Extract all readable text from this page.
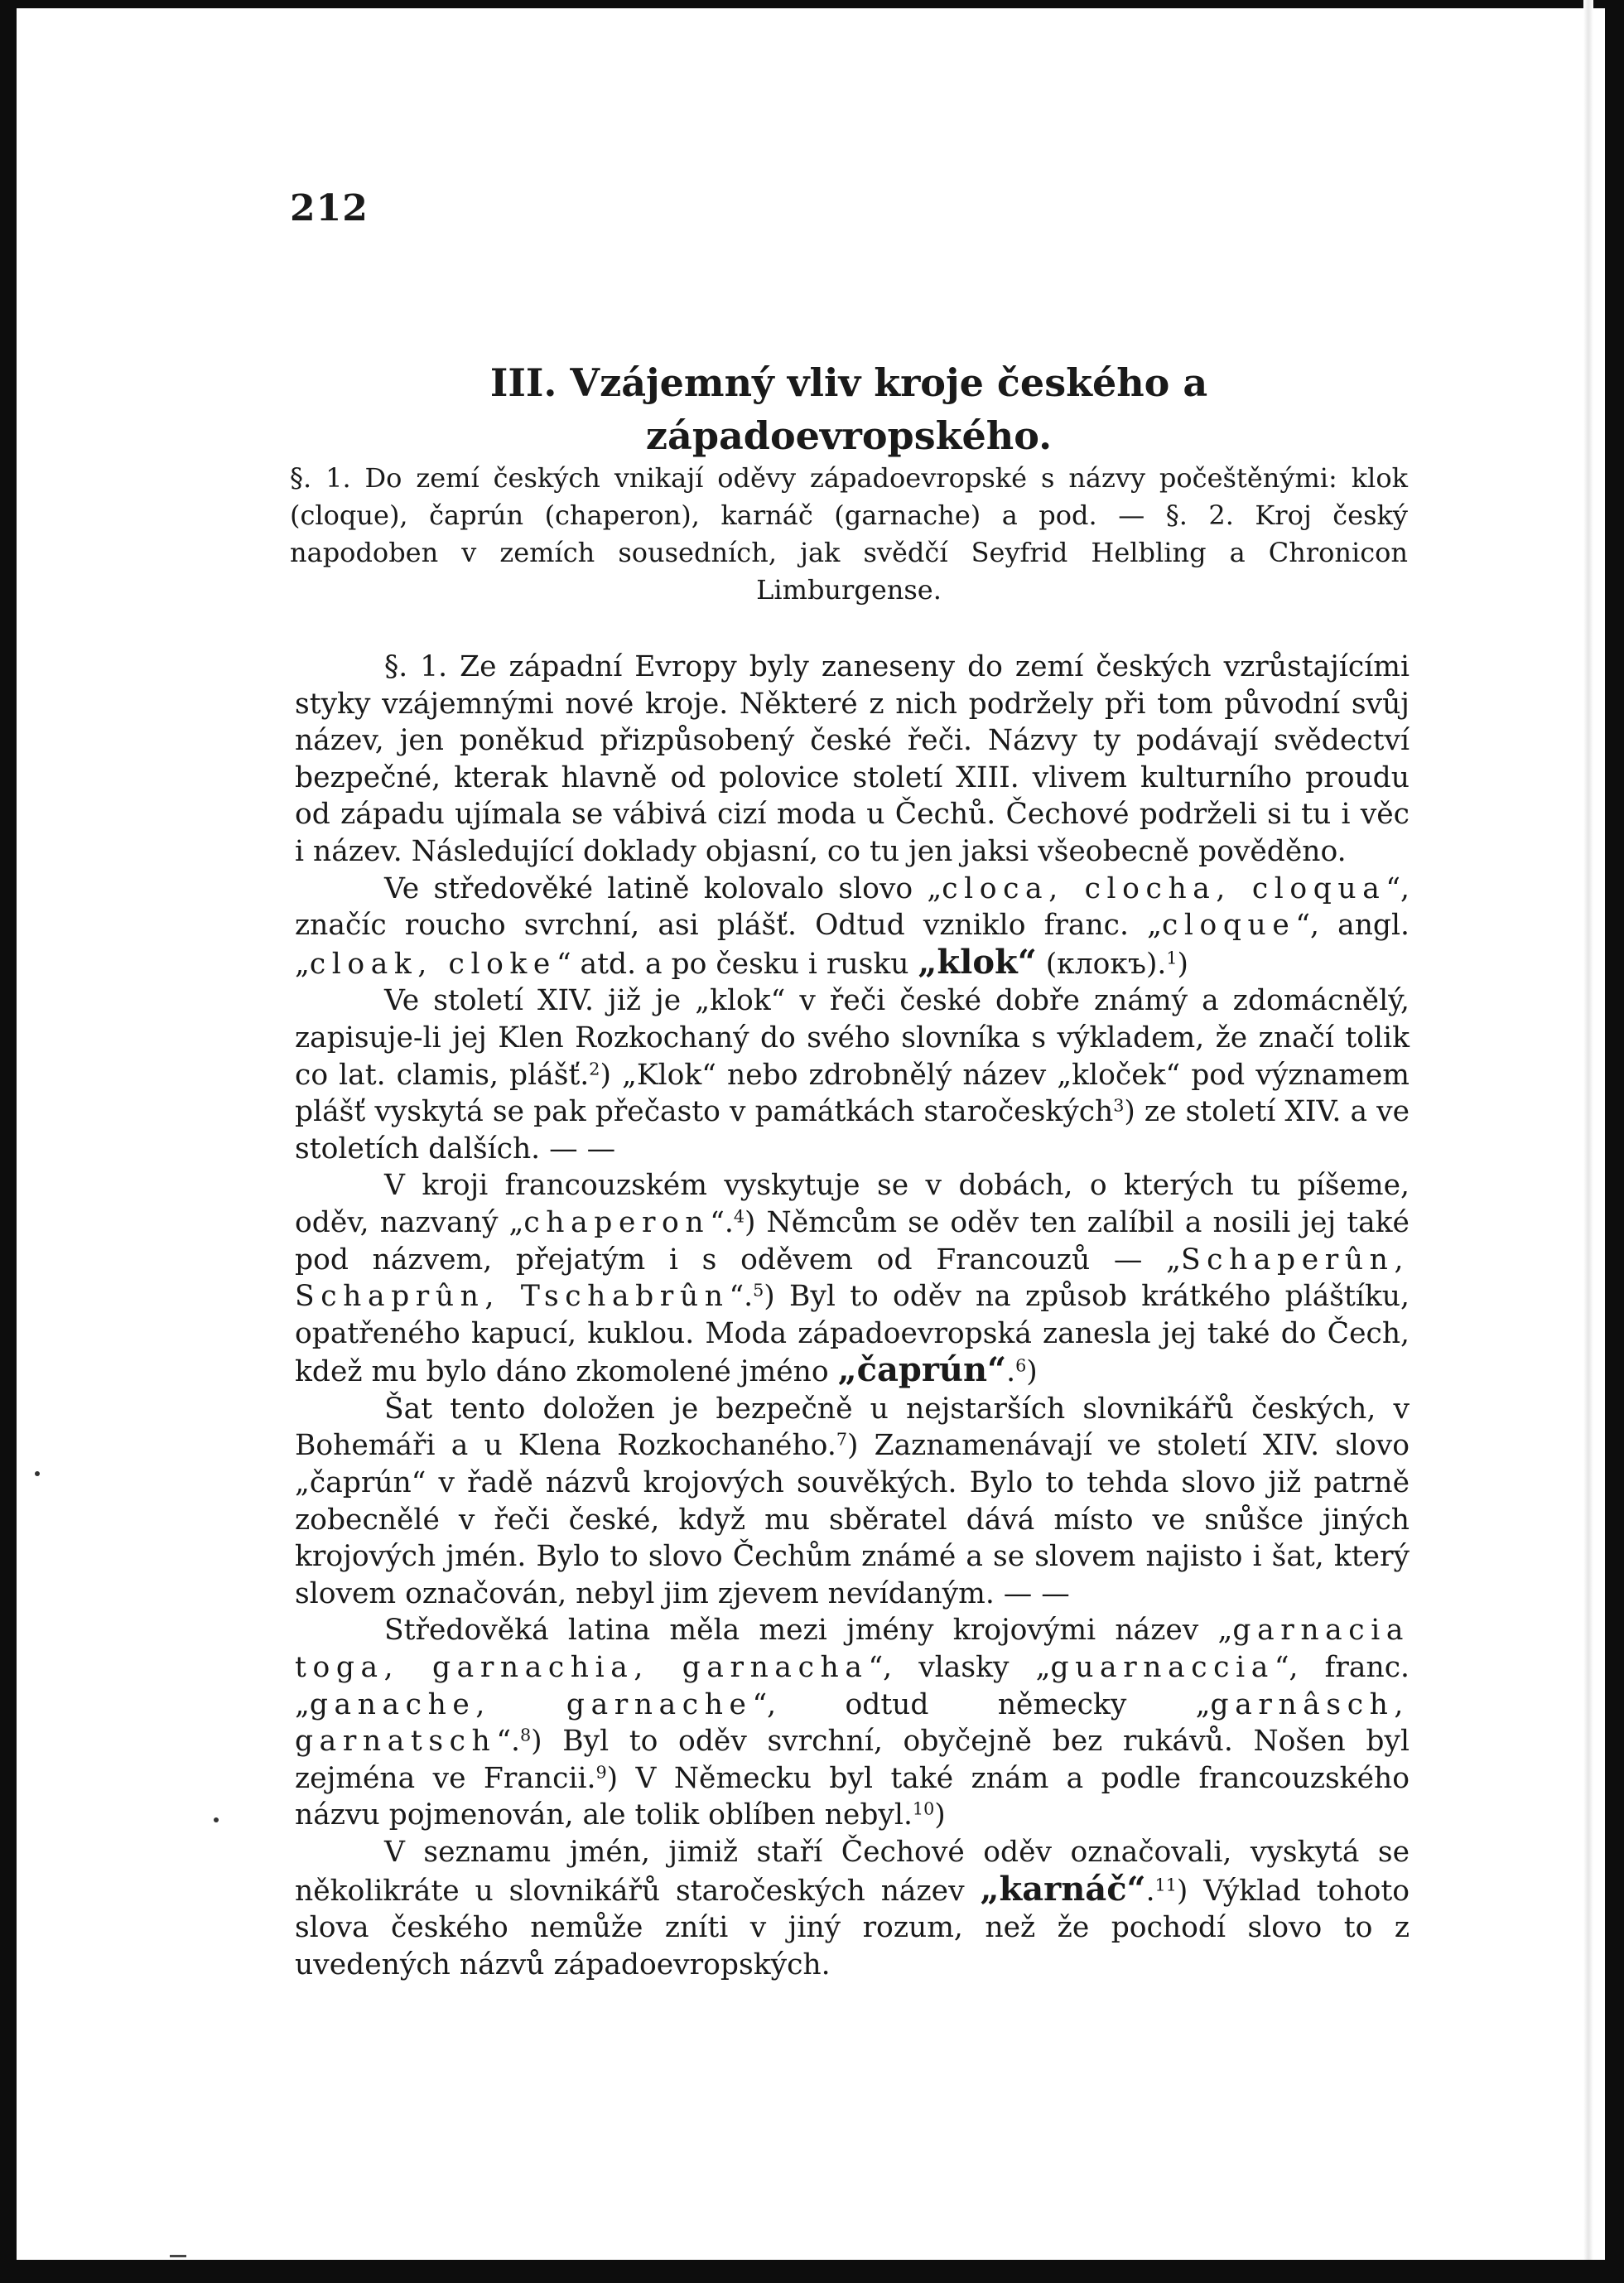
212
III. Vzájemný vliv kroje českého a západoevropského.
§. 1. Do zemí českých vnikají oděvy západoevropské s názvy počeštěnými: klok (cloque), čaprún (chaperon), karnáč (garnache) a pod. — §. 2. Kroj český napodoben v zemích sousedních, jak svědčí Seyfrid Helbling a Chronicon Limburgense.

§. 1. Ze západní Evropy byly zaneseny do zemí českých vzrůstajícími styky vzájemnými nové kroje. Některé z nich podržely při tom původní svůj název, jen poněkud přizpůsobený české řeči. Názvy ty podávají svědectví bezpečné, kterak hlavně od polovice století XIII. vlivem kulturního proudu od západu ujímala se vábivá cizí moda u Čechů. Čechové podrželi si tu i věc i název. Následující doklady objasní, co tu jen jaksi všeobecně pověděno.

Ve středověké latině kolovalo slovo „cloca, clocha, cloqua“, značíc roucho svrchní, asi plášť. Odtud vzniklo franc. „cloque“, angl. „cloak, cloke“ atd. a po česku i rusku „klok“ (клокъ).$^1$)

Ve století XIV. již je „klok“ v řeči české dobře známý a zdomácnělý, zapisuje-li jej Klen Rozkochaný do svého slovníka s výkladem, že značí tolik co lat. clamis, plášť.$^2$) „Klok“ nebo zdrobnělý název „kloček“ pod významem plášť vyskytá se pak přečasto v památkách staročeských$^3$) ze století XIV. a ve stoletích dalších. — —

V kroji francouzském vyskytuje se v dobách, o kterých tu píšeme, oděv, nazvaný „chaperon“.$^4$) Němcům se oděv ten zalíbil a nosili jej také pod názvem, přejatým i s oděvem od Francouzů — „Schaperûn, Schaprûn, Tschabrûn“.$^5$) Byl to oděv na způsob krátkého pláštíku, opatřeného kapucí, kuklou. Moda západoevropská zanesla jej také do Čech, kdež mu bylo dáno zkomolené jméno „čaprún“.$^6$)

Šat tento doložen je bezpečně u nejstarších slovnikářů českých, v Bohemáři a u Klena Rozkochaného.$^7$) Zaznamenávají ve století XIV. slovo „čaprún“ v řadě názvů krojových souvěkých. Bylo to tehda slovo již patrně zobecnělé v řeči české, když mu sběratel dává místo ve snůšce jiných krojových jmén. Bylo to slovo Čechům známé a se slovem najisto i šat, který slovem označován, nebyl jim zjevem nevídaným. — —

Středověká latina měla mezi jmény krojovými název „garnacia toga, garnachia, garnacha“, vlasky „guarnaccia“, franc. „ganache, garnache“, odtud německy „garnâsch, garnatsch“.$^8$) Byl to oděv svrchní, obyčejně bez rukávů. Nošen byl zejména ve Francii.$^9$) V Německu byl také znám a podle francouzského názvu pojmenován, ale tolik oblíben nebyl.$^{10}$)

V seznamu jmén, jimiž staří Čechové oděv označovali, vyskytá se několikráte u slovnikářů staročeských název „karnáč“.$^{11}$) Výklad tohoto slova českého nemůže zníti v jiný rozum, než že pochodí slovo to z uvedených názvů západoevropských.
